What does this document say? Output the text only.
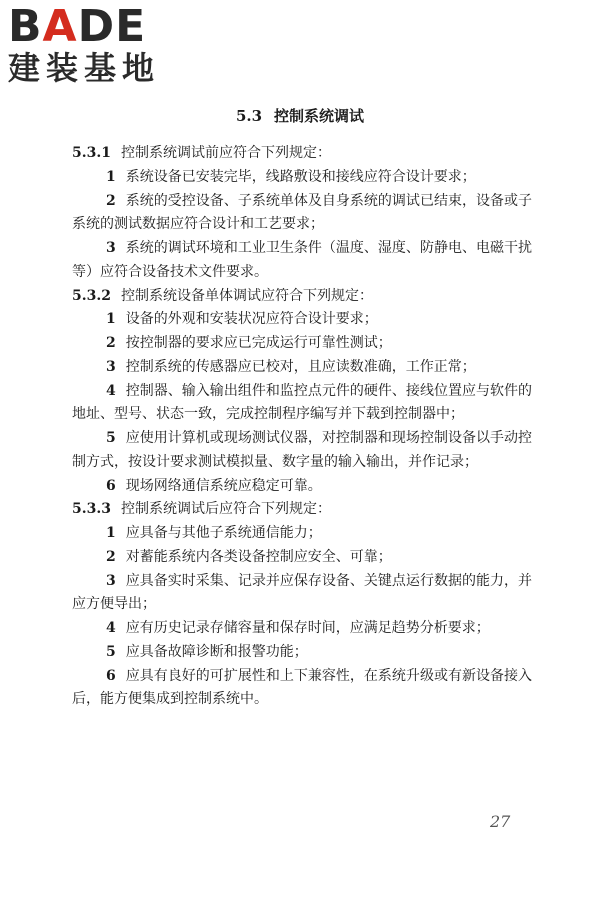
BADE
建装基地
5.3 控制系统调试

5.3.1 控制系统调试前应符合下列规定：

1 系统设备已安装完毕，线路敷设和接线应符合设计要求；

2 系统的受控设备、子系统单体及自身系统的调试已结束，设备或子系统的测试数据应符合设计和工艺要求；

3 系统的调试环境和工业卫生条件（温度、湿度、防静电、电磁干扰等）应符合设备技术文件要求。

5.3.2 控制系统设备单体调试应符合下列规定：

1 设备的外观和安装状况应符合设计要求；

2 按控制器的要求应已完成运行可靠性测试；

3 控制系统的传感器应已校对，且应读数准确，工作正常；

4 控制器、输入输出组件和监控点元件的硬件、接线位置应与软件的地址、型号、状态一致，完成控制程序编写并下载到控制器中；

5 应使用计算机或现场测试仪器，对控制器和现场控制设备以手动控制方式，按设计要求测试模拟量、数字量的输入输出，并作记录；

6 现场网络通信系统应稳定可靠。

5.3.3 控制系统调试后应符合下列规定：

1 应具备与其他子系统通信能力；

2 对蓄能系统内各类设备控制应安全、可靠；

3 应具备实时采集、记录并应保存设备、关键点运行数据的能力，并应方便导出；

4 应有历史记录存储容量和保存时间，应满足趋势分析要求；

5 应具备故障诊断和报警功能；

6 应具有良好的可扩展性和上下兼容性，在系统升级或有新设备接入后，能方便集成到控制系统中。

27
